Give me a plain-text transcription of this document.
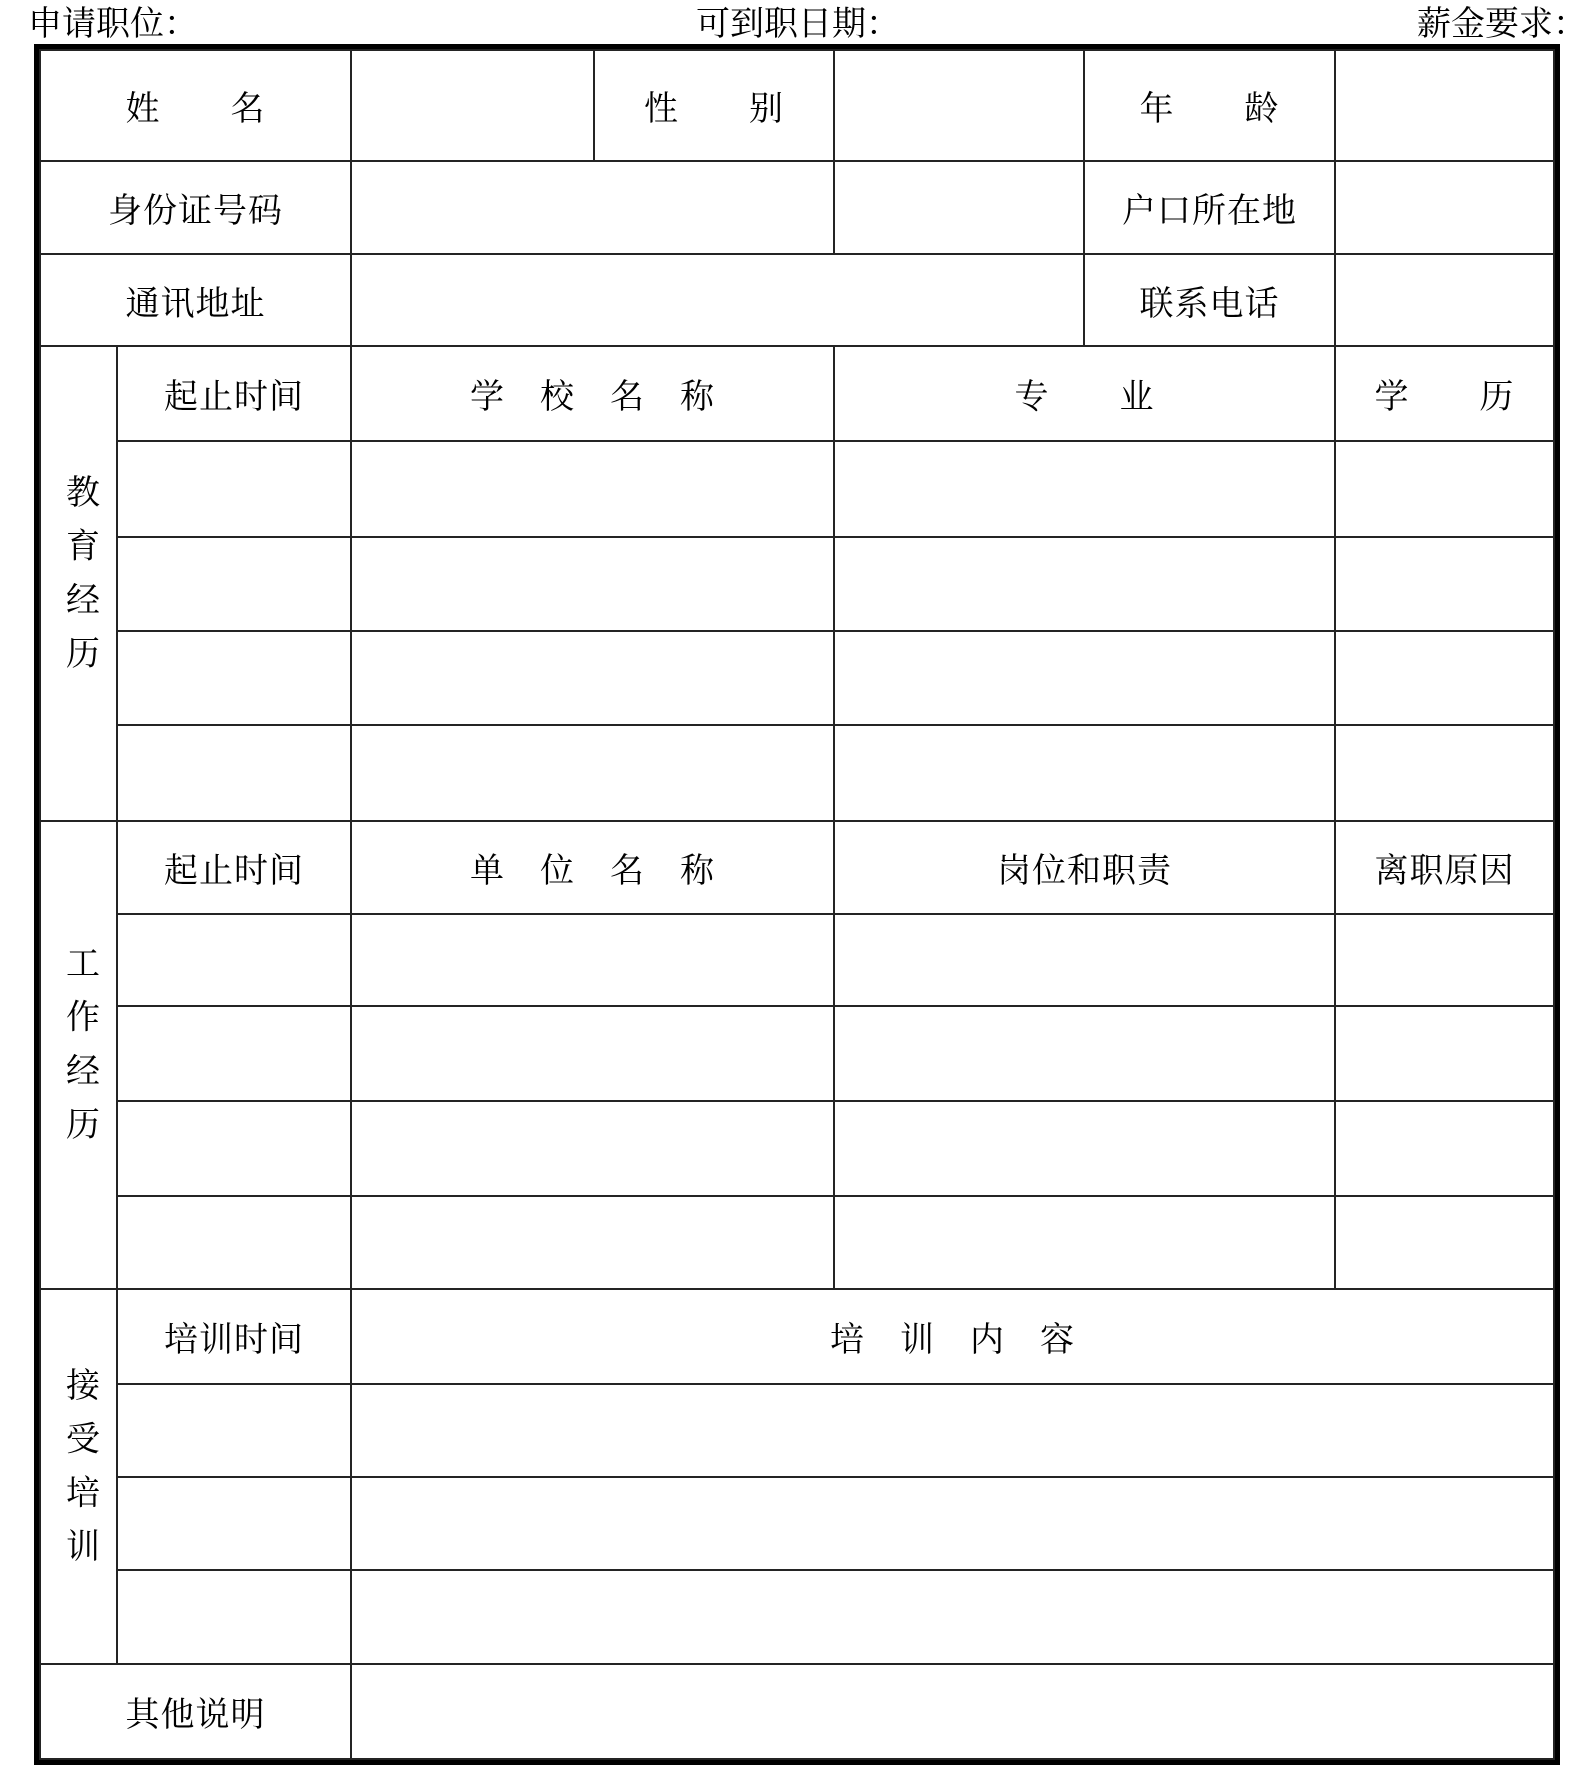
申请职位：	可到职日期：	薪金要求：
姓　　名			性　　别		年　　龄	
身份证号码					户口所在地	
通讯地址					联系电话	
教育经历	起止时间	学　校　名　称		专　　业		学　　历

工作经历	起止时间	单　位　名　称		岗位和职责		离职原因

接受培训	培训时间	培　训　内　容				

其他说明						
